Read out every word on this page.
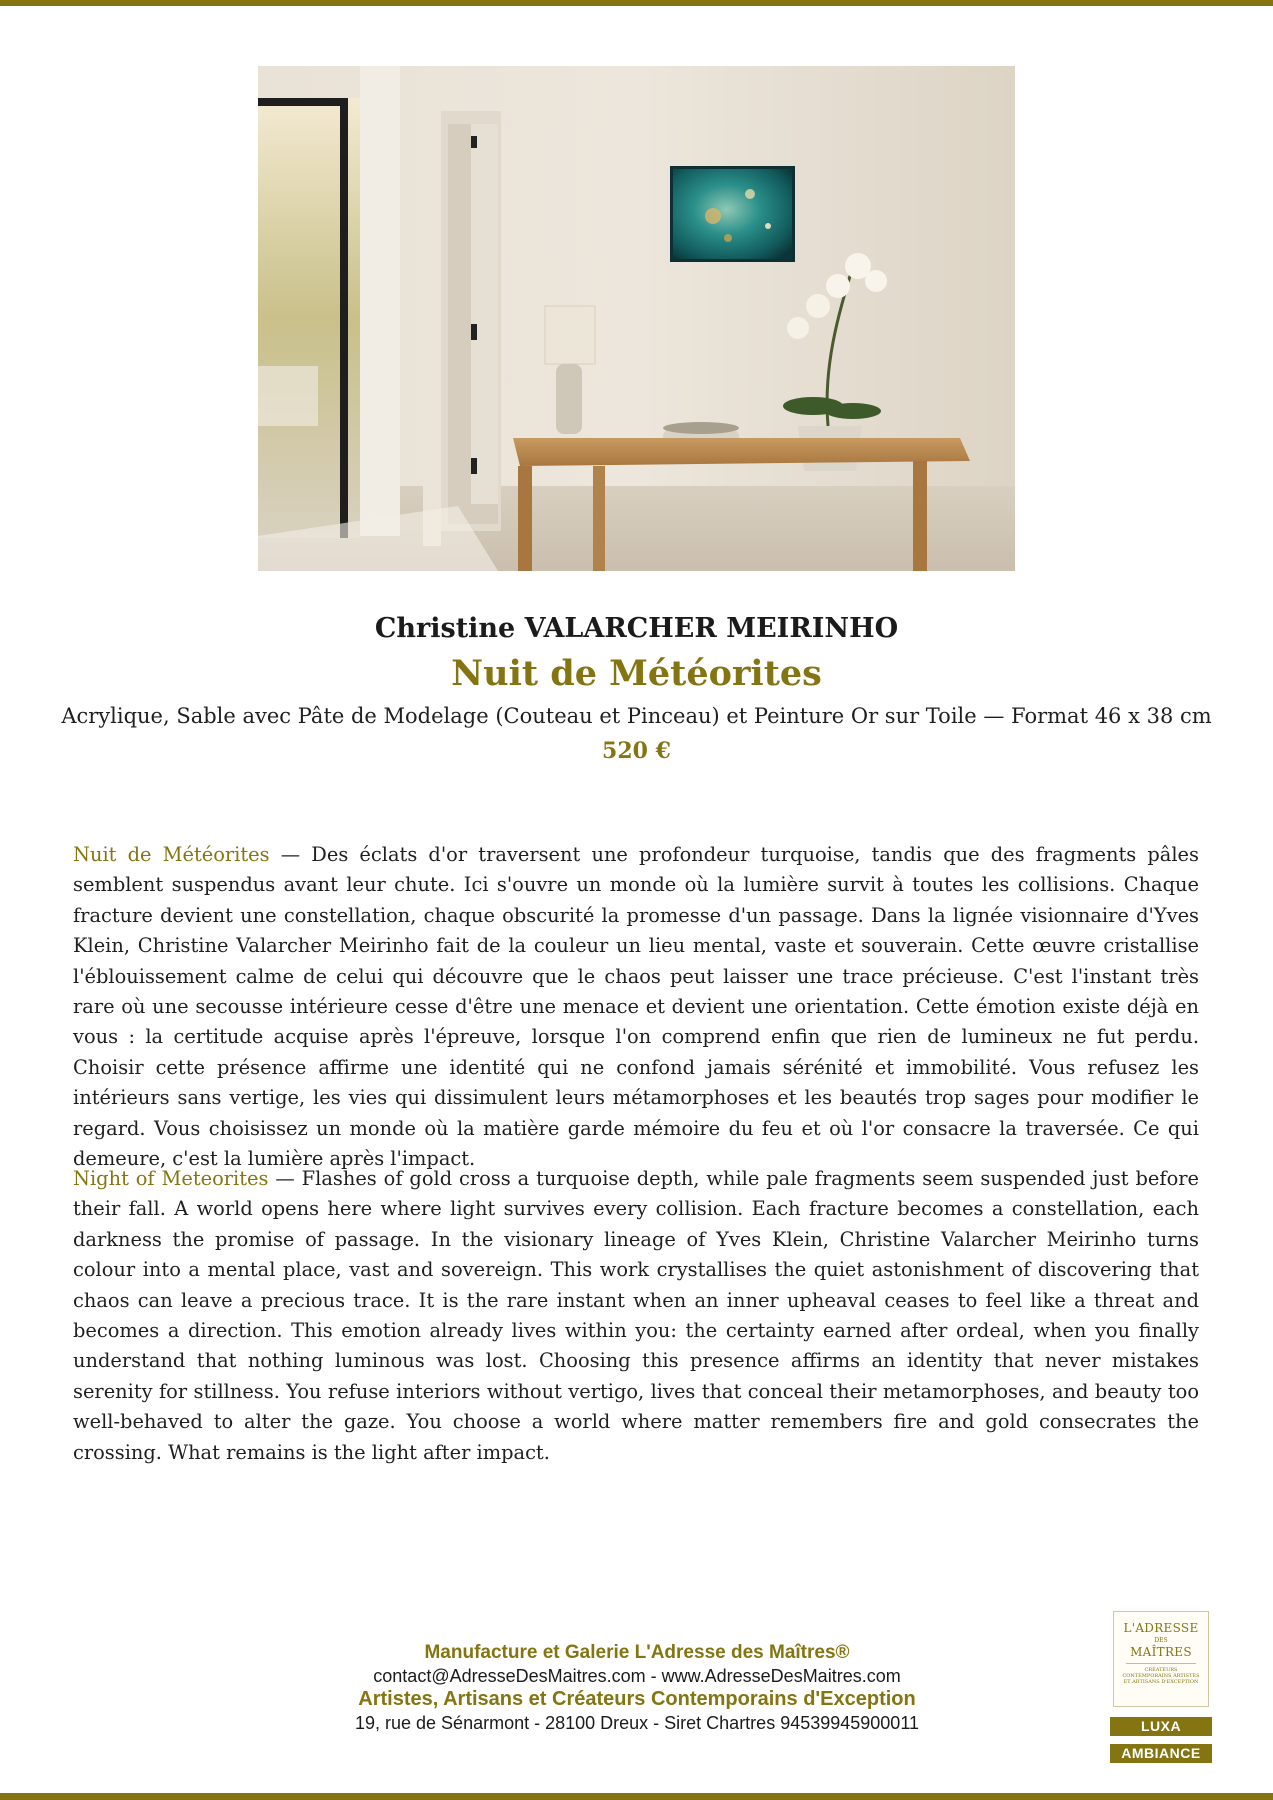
Christine VALARCHER MEIRINHO
Nuit de Météorites
Acrylique, Sable avec Pâte de Modelage (Couteau et Pinceau) et Peinture Or sur Toile — Format 46 x 38 cm
520 €

Nuit de Météorites — Des éclats d'or traversent une profondeur turquoise, tandis que des fragments pâles semblent suspendus avant leur chute. Ici s'ouvre un monde où la lumière survit à toutes les collisions. Chaque fracture devient une constellation, chaque obscurité la promesse d'un passage. Dans la lignée visionnaire d'Yves Klein, Christine Valarcher Meirinho fait de la couleur un lieu mental, vaste et souverain. Cette œuvre cristallise l'éblouissement calme de celui qui découvre que le chaos peut laisser une trace précieuse. C'est l'instant très rare où une secousse intérieure cesse d'être une menace et devient une orientation. Cette émotion existe déjà en vous : la certitude acquise après l'épreuve, lorsque l'on comprend enfin que rien de lumineux ne fut perdu. Choisir cette présence affirme une identité qui ne confond jamais sérénité et immobilité. Vous refusez les intérieurs sans vertige, les vies qui dissimulent leurs métamorphoses et les beautés trop sages pour modifier le regard. Vous choisissez un monde où la matière garde mémoire du feu et où l'or consacre la traversée. Ce qui demeure, c'est la lumière après l'impact.

Night of Meteorites — Flashes of gold cross a turquoise depth, while pale fragments seem suspended just before their fall. A world opens here where light survives every collision. Each fracture becomes a constellation, each darkness the promise of passage. In the visionary lineage of Yves Klein, Christine Valarcher Meirinho turns colour into a mental place, vast and sovereign. This work crystallises the quiet astonishment of discovering that chaos can leave a precious trace. It is the rare instant when an inner upheaval ceases to feel like a threat and becomes a direction. This emotion already lives within you: the certainty earned after ordeal, when you finally understand that nothing luminous was lost. Choosing this presence affirms an identity that never mistakes serenity for stillness. You refuse interiors without vertigo, lives that conceal their metamorphoses, and beauty too well-behaved to alter the gaze. You choose a world where matter remembers fire and gold consecrates the crossing. What remains is the light after impact.

Manufacture et Galerie L'Adresse des Maîtres®
contact@AdresseDesMaitres.com - www.AdresseDesMaitres.com
Artistes, Artisans et Créateurs Contemporains d'Exception
19, rue de Sénarmont - 28100 Dreux - Siret Chartres 94539945900011
L'ADRESSE
DES
MAÎTRES
CRÉATEURS CONTEMPORAINS ARTISTES ET ARTISANS D'EXCEPTION
LUXA
AMBIANCE
